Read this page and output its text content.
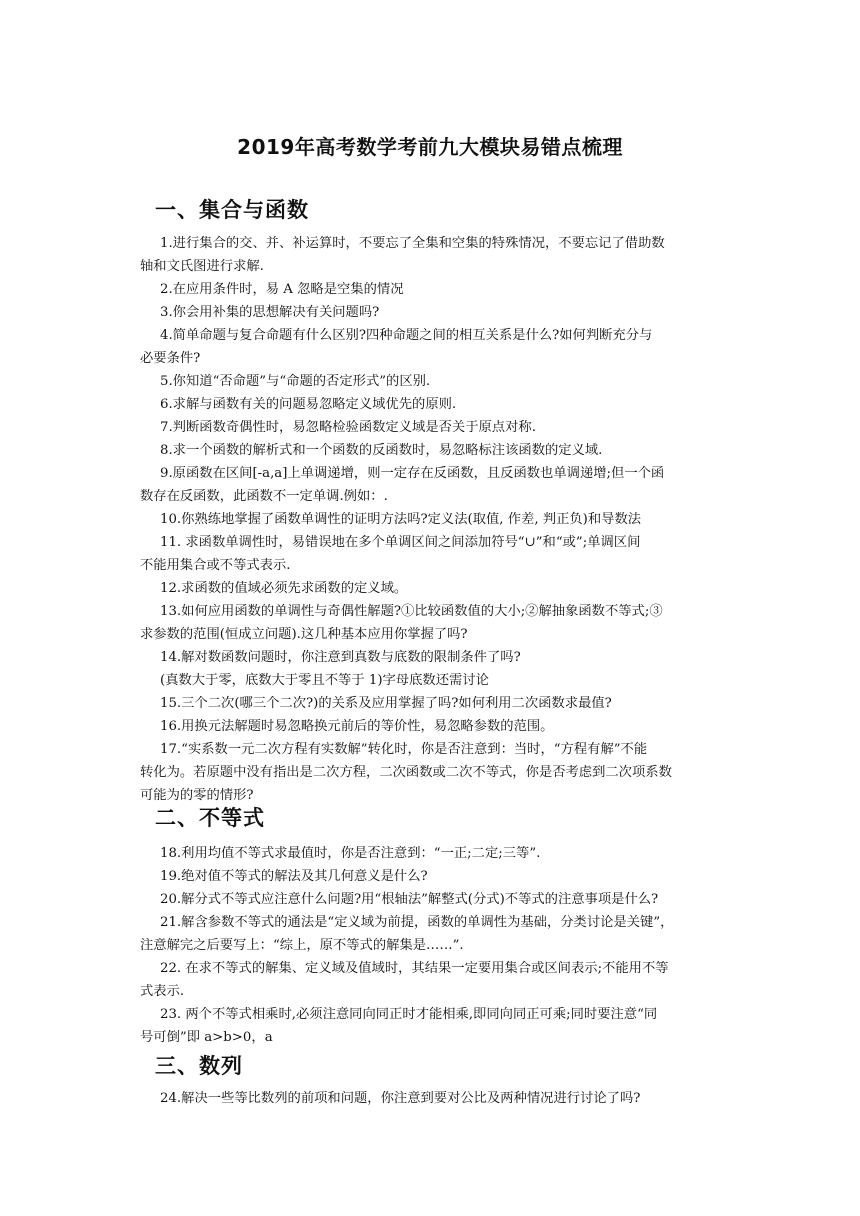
2019年高考数学考前九大模块易错点梳理
一、集合与函数
1.进行集合的交、并、补运算时，不要忘了全集和空集的特殊情况，不要忘记了借助数
轴和文氏图进行求解.
2.在应用条件时，易 A 忽略是空集的情况
3.你会用补集的思想解决有关问题吗?
4.简单命题与复合命题有什么区别?四种命题之间的相互关系是什么?如何判断充分与
必要条件?
5.你知道“否命题”与“命题的否定形式”的区别.
6.求解与函数有关的问题易忽略定义域优先的原则.
7.判断函数奇偶性时，易忽略检验函数定义域是否关于原点对称.
8.求一个函数的解析式和一个函数的反函数时，易忽略标注该函数的定义域.
9.原函数在区间[-a,a]上单调递增，则一定存在反函数，且反函数也单调递增;但一个函
数存在反函数，此函数不一定单调.例如：.
10.你熟练地掌握了函数单调性的证明方法吗?定义法(取值, 作差, 判正负)和导数法
11. 求函数单调性时，易错误地在多个单调区间之间添加符号“∪”和“或”;单调区间
不能用集合或不等式表示.
12.求函数的值域必须先求函数的定义域。
13.如何应用函数的单调性与奇偶性解题?①比较函数值的大小;②解抽象函数不等式;③
求参数的范围(恒成立问题).这几种基本应用你掌握了吗?
14.解对数函数问题时，你注意到真数与底数的限制条件了吗?
(真数大于零，底数大于零且不等于 1)字母底数还需讨论
15.三个二次(哪三个二次?)的关系及应用掌握了吗?如何利用二次函数求最值?
16.用换元法解题时易忽略换元前后的等价性，易忽略参数的范围。
17.“实系数一元二次方程有实数解”转化时，你是否注意到：当时，“方程有解”不能
转化为。若原题中没有指出是二次方程，二次函数或二次不等式，你是否考虑到二次项系数
可能为的零的情形?
二、不等式
18.利用均值不等式求最值时，你是否注意到：“一正;二定;三等”.
19.绝对值不等式的解法及其几何意义是什么?
20.解分式不等式应注意什么问题?用“根轴法”解整式(分式)不等式的注意事项是什么?
21.解含参数不等式的通法是“定义域为前提，函数的单调性为基础，分类讨论是关键”，
注意解完之后要写上：“综上，原不等式的解集是……”.
22. 在求不等式的解集、定义域及值域时，其结果一定要用集合或区间表示;不能用不等
式表示.
23. 两个不等式相乘时,必须注意同向同正时才能相乘,即同向同正可乘;同时要注意“同
号可倒”即 a>b>0，a
三、数列
24.解决一些等比数列的前项和问题，你注意到要对公比及两种情况进行讨论了吗?
